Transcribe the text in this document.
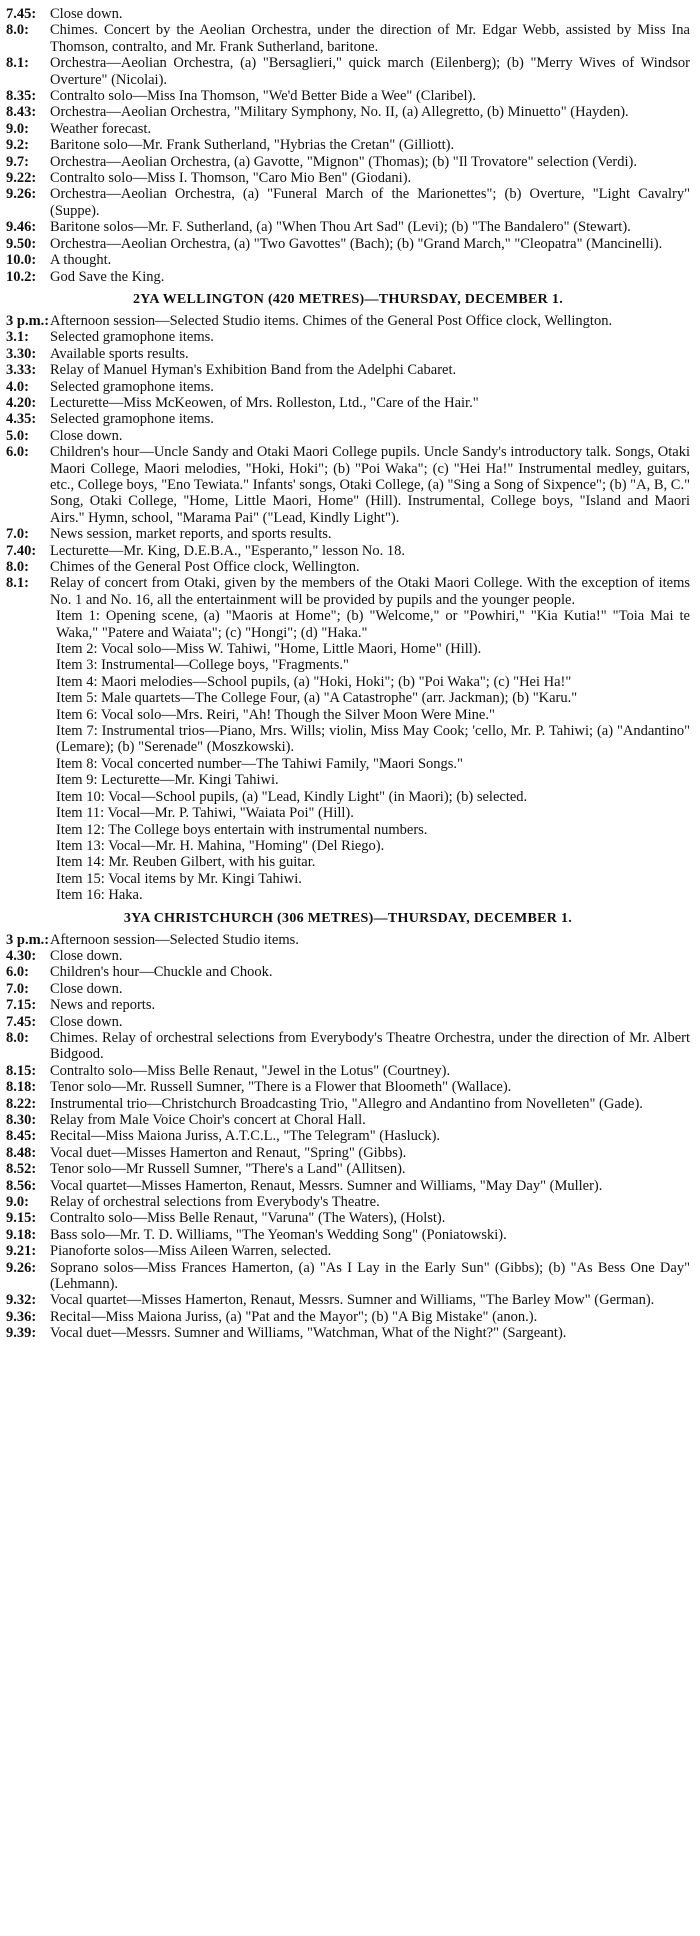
7.45: Close down.
8.0:	Chimes. Concert by the Aeolian Orchestra, under the direction of Mr. Edgar Webb, assisted by Miss Ina Thomson, contralto, and Mr. Frank Sutherland, baritone.
8.1:	Orchestra—Aeolian Orchestra, (a) "Bersaglieri," quick march (Eilenberg); (b) "Merry Wives of Windsor Overture" (Nicolai).
8.35: Contralto solo—Miss Ina Thomson, "We'd Better Bide a Wee" (Claribel).
8.43: Orchestra—Aeolian Orchestra, "Military Symphony, No. II, (a) Allegretto, (b) Minuetto" (Hayden).
9.0:	Weather forecast.
9.2:	Baritone solo—Mr. Frank Sutherland, "Hybrias the Cretan" (Gilliott).
9.7:	Orchestra—Aeolian Orchestra, (a) Gavotte, "Mignon" (Thomas); (b) "Il Trovatore" selection (Verdi).
9.22: Contralto solo—Miss I. Thomson, "Caro Mio Ben" (Giodani).
9.26: Orchestra—Aeolian Orchestra, (a) "Funeral March of the Marionettes"; (b) Overture, "Light Cavalry" (Suppe).
9.46: Baritone solos—Mr. F. Sutherland, (a) "When Thou Art Sad" (Levi); (b) "The Bandalero" (Stewart).
9.50: Orchestra—Aeolian Orchestra, (a) "Two Gavottes" (Bach); (b) "Grand March," "Cleopatra" (Mancinelli).
10.0: A thought.
10.2: God Save the King.
2YA WELLINGTON (420 METRES)—THURSDAY, DECEMBER 1.
3 p.m.: Afternoon session—Selected Studio items. Chimes of the General Post Office clock, Wellington.
3.1:	Selected gramophone items.
3.30: Available sports results.
3.33: Relay of Manuel Hyman's Exhibition Band from the Adelphi Cabaret.
4.0:	Selected gramophone items.
4.20: Lecturette—Miss McKeowen, of Mrs. Rolleston, Ltd., "Care of the Hair."
4.35: Selected gramophone items.
5.0:	Close down.
6.0:	Children's hour—Uncle Sandy and Otaki Maori College pupils. Uncle Sandy's introductory talk. Songs, Otaki Maori College, Maori melodies, "Hoki, Hoki"; (b) "Poi Waka"; (c) "Hei Ha!" Instrumental medley, guitars, etc., College boys, "Eno Tewiata." Infants' songs, Otaki College, (a) "Sing a Song of Sixpence"; (b) "A, B, C." Song, Otaki College, "Home, Little Maori, Home" (Hill). Instrumental, College boys, "Island and Maori Airs." Hymn, school, "Marama Pai" ("Lead, Kindly Light").
7.0:	News session, market reports, and sports results.
7.40: Lecturette—Mr. King, D.E.B.A., "Esperanto," lesson No. 18.
8.0:	Chimes of the General Post Office clock, Wellington.
8.1:	Relay of concert from Otaki, given by the members of the Otaki Maori College. With the exception of items No. 1 and No. 16, all the entertainment will be provided by pupils and the younger people.
Item 1: Opening scene, (a) "Maoris at Home"; (b) "Welcome," or "Powhiri," "Kia Kutia!" "Toia Mai te Waka," "Patere and Waiata"; (c) "Hongi"; (d) "Haka."
Item 2: Vocal solo—Miss W. Tahiwi, "Home, Little Maori, Home" (Hill).
Item 3: Instrumental—College boys, "Fragments."
Item 4: Maori melodies—School pupils, (a) "Hoki, Hoki"; (b) "Poi Waka"; (c) "Hei Ha!"
Item 5: Male quartets—The College Four, (a) "A Catastrophe" (arr. Jackman); (b) "Karu."
Item 6: Vocal solo—Mrs. Reiri, "Ah! Though the Silver Moon Were Mine."
Item 7: Instrumental trios—Piano, Mrs. Wills; violin, Miss May Cook; 'cello, Mr. P. Tahiwi; (a) "Andantino" (Lemare); (b) "Serenade" (Moszkowski).
Item 8: Vocal concerted number—The Tahiwi Family, "Maori Songs."
Item 9: Lecturette—Mr. Kingi Tahiwi.
Item 10: Vocal—School pupils, (a) "Lead, Kindly Light" (in Maori); (b) selected.
Item 11: Vocal—Mr. P. Tahiwi, "Waiata Poi" (Hill).
Item 12: The College boys entertain with instrumental numbers.
Item 13: Vocal—Mr. H. Mahina, "Homing" (Del Riego).
Item 14: Mr. Reuben Gilbert, with his guitar.
Item 15: Vocal items by Mr. Kingi Tahiwi.
Item 16: Haka.
3YA CHRISTCHURCH (306 METRES)—THURSDAY, DECEMBER 1.
3 p.m.: Afternoon session—Selected Studio items.
4.30: Close down.
6.0:	Children's hour—Chuckle and Chook.
7.0:	Close down.
7.15: News and reports.
7.45: Close down.
8.0:	Chimes. Relay of orchestral selections from Everybody's Theatre Orchestra, under the direction of Mr. Albert Bidgood.
8.15: Contralto solo—Miss Belle Renaut, "Jewel in the Lotus" (Courtney).
8.18: Tenor solo—Mr. Russell Sumner, "There is a Flower that Bloometh" (Wallace).
8.22: Instrumental trio—Christchurch Broadcasting Trio, "Allegro and Andantino from Novelleten" (Gade).
8.30: Relay from Male Voice Choir's concert at Choral Hall.
8.45: Recital—Miss Maiona Juriss, A.T.C.L., "The Telegram" (Hasluck).
8.48: Vocal duet—Misses Hamerton and Renaut, "Spring" (Gibbs).
8.52: Tenor solo—Mr Russell Sumner, "There's a Land" (Allitsen).
8.56: Vocal quartet—Misses Hamerton, Renaut, Messrs. Sumner and Williams, "May Day" (Muller).
9.0:	Relay of orchestral selections from Everybody's Theatre.
9.15: Contralto solo—Miss Belle Renaut, "Varuna" (The Waters), (Holst).
9.18: Bass solo—Mr. T. D. Williams, "The Yeoman's Wedding Song" (Poniatowski).
9.21: Pianoforte solos—Miss Aileen Warren, selected.
9.26: Soprano solos—Miss Frances Hamerton, (a) "As I Lay in the Early Sun" (Gibbs); (b) "As Bess One Day" (Lehmann).
9.32: Vocal quartet—Misses Hamerton, Renaut, Messrs. Sumner and Williams, "The Barley Mow" (German).
9.36: Recital—Miss Maiona Juriss, (a) "Pat and the Mayor"; (b) "A Big Mistake" (anon.).
9.39: Vocal duet—Messrs. Sumner and Williams, "Watchman, What of the Night?" (Sargeant).
